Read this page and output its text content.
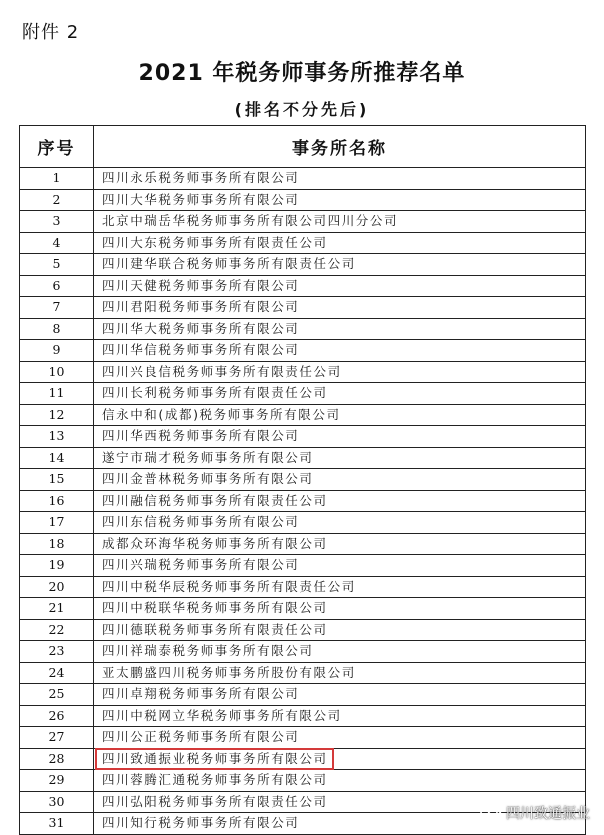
附件 2
2021 年税务师事务所推荐名单
(排名不分先后)
序号	事务所名称
1	四川永乐税务师事务所有限公司
2	四川大华税务师事务所有限公司
3	北京中瑞岳华税务师事务所有限公司四川分公司
4	四川大东税务师事务所有限责任公司
5	四川建华联合税务师事务所有限责任公司
6	四川天健税务师事务所有限公司
7	四川君阳税务师事务所有限公司
8	四川华大税务师事务所有限公司
9	四川华信税务师事务所有限公司
10	四川兴良信税务师事务所有限责任公司
11	四川长利税务师事务所有限责任公司
12	信永中和(成都)税务师事务所有限公司
13	四川华西税务师事务所有限公司
14	遂宁市瑞才税务师事务所有限公司
15	四川金普林税务师事务所有限公司
16	四川融信税务师事务所有限责任公司
17	四川东信税务师事务所有限公司
18	成都众环海华税务师事务所有限公司
19	四川兴瑞税务师事务所有限公司
20	四川中税华辰税务师事务所有限责任公司
21	四川中税联华税务师事务所有限公司
22	四川德联税务师事务所有限责任公司
23	四川祥瑞泰税务师事务所有限公司
24	亚太鹏盛四川税务师事务所股份有限公司
25	四川卓翔税务师事务所有限公司
26	四川中税网立华税务师事务所有限公司
27	四川公正税务师事务所有限公司
28	四川致通振业税务师事务所有限公司
29	四川蓉腾汇通税务师事务所有限公司
30	四川弘阳税务师事务所有限责任公司
31	四川知行税务师事务所有限公司
四川致通振业
